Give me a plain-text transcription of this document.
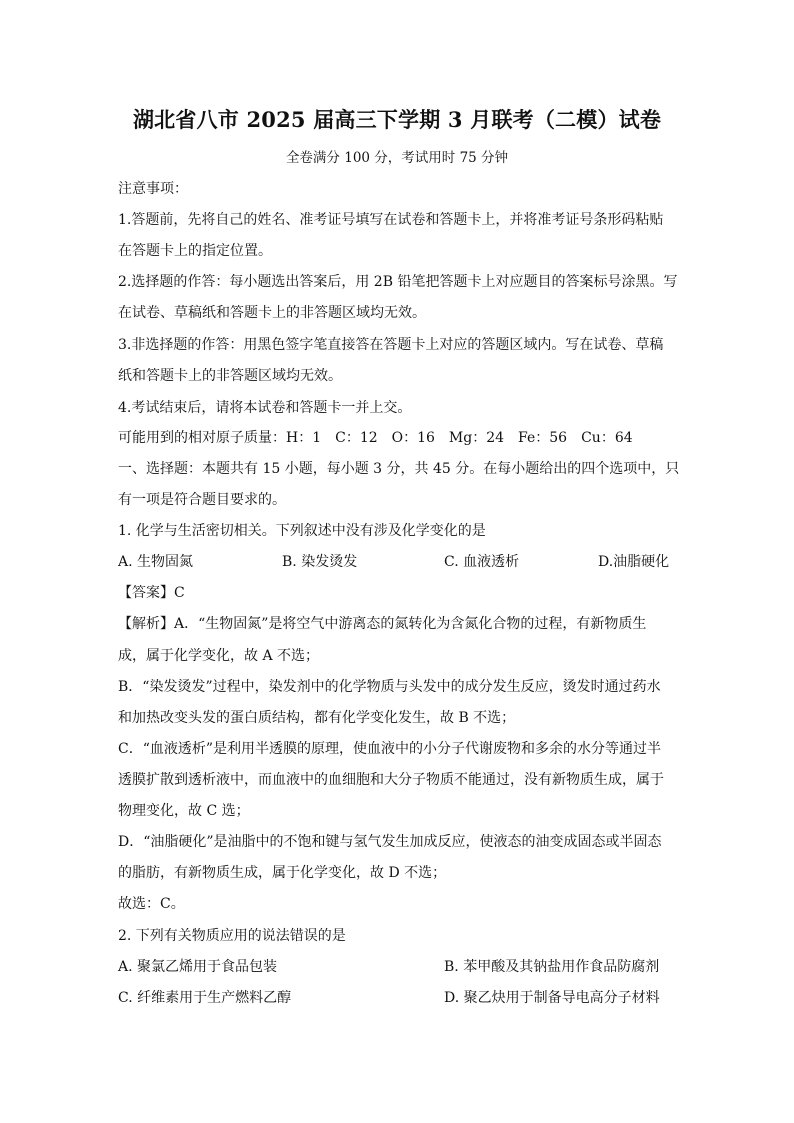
湖北省八市 2025 届高三下学期 3 月联考（二模）试卷
全卷满分 100 分，考试用时 75 分钟
注意事项：
1.答题前，先将自己的姓名、准考证号填写在试卷和答题卡上，并将准考证号条形码粘贴
在答题卡上的指定位置。
2.选择题的作答：每小题选出答案后，用 2B 铅笔把答题卡上对应题目的答案标号涂黑。写
在试卷、草稿纸和答题卡上的非答题区域均无效。
3.非选择题的作答：用黑色签字笔直接答在答题卡上对应的答题区域内。写在试卷、草稿
纸和答题卡上的非答题区域均无效。
4.考试结束后，请将本试卷和答题卡一并上交。
可能用到的相对原子质量：H：1　C：12　O：16　Mg：24　Fe：56　Cu：64
一、选择题：本题共有 15 小题，每小题 3 分，共 45 分。在每小题给出的四个选项中，只
有一项是符合题目要求的。
1. 化学与生活密切相关。下列叙述中没有涉及化学变化的是
A. 生物固氮	B. 染发烫发	C. 血液透析	D.油脂硬化
【答案】C
【解析】A．“生物固氮”是将空气中游离态的氮转化为含氮化合物的过程，有新物质生
成，属于化学变化，故 A 不选；
B．“染发烫发”过程中，染发剂中的化学物质与头发中的成分发生反应，烫发时通过药水
和加热改变头发的蛋白质结构，都有化学变化发生，故 B 不选；
C．“血液透析”是利用半透膜的原理，使血液中的小分子代谢废物和多余的水分等通过半
透膜扩散到透析液中，而血液中的血细胞和大分子物质不能通过，没有新物质生成，属于
物理变化，故 C 选；
D．“油脂硬化”是油脂中的不饱和键与氢气发生加成反应，使液态的油变成固态或半固态
的脂肪，有新物质生成，属于化学变化，故 D 不选；
故选：C。
2. 下列有关物质应用的说法错误的是
A. 聚氯乙烯用于食品包装	B. 苯甲酸及其钠盐用作食品防腐剂
C. 纤维素用于生产燃料乙醇	D. 聚乙炔用于制备导电高分子材料
